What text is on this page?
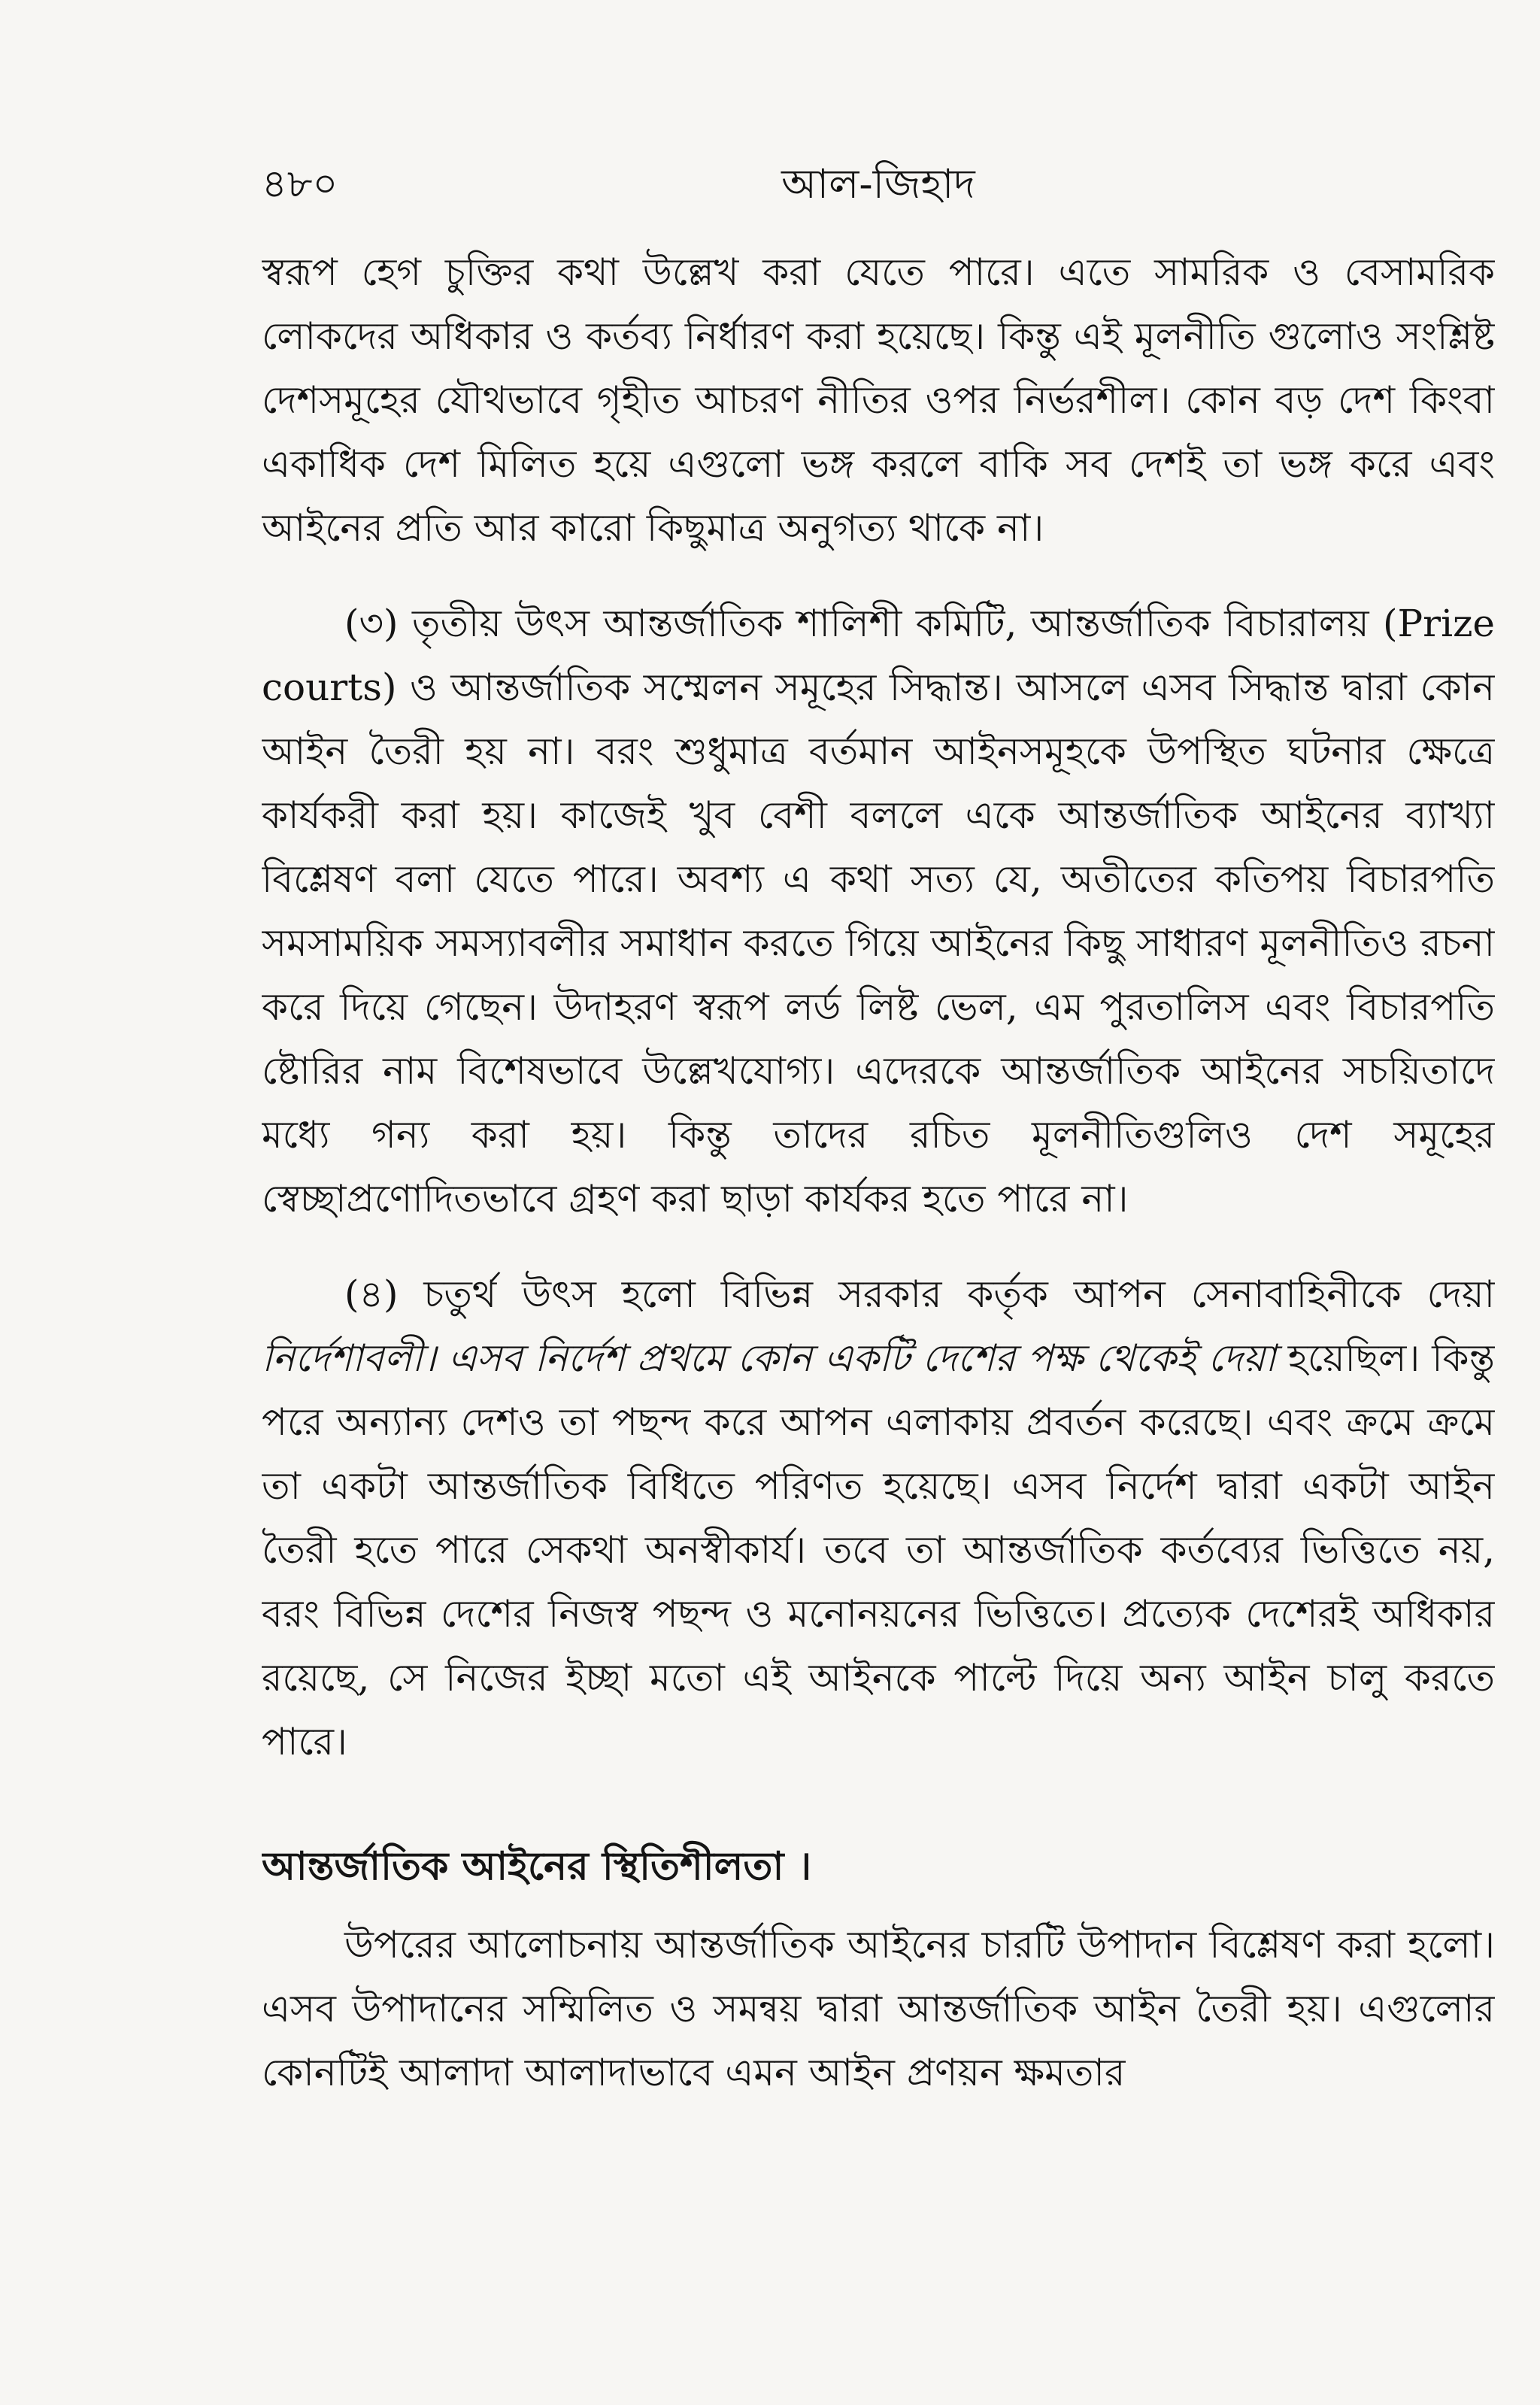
৪৮০	আল-জিহাদ

স্বরূপ হেগ চুক্তির কথা উল্লেখ করা যেতে পারে। এতে সামরিক ও বেসামরিক লোকদের অধিকার ও কর্তব্য নির্ধারণ করা হয়েছে। কিন্তু এই মূলনীতি গুলোও সংশ্লিষ্ট দেশসমূহের যৌথভাবে গৃহীত আচরণ নীতির ওপর নির্ভরশীল। কোন বড় দেশ কিংবা একাধিক দেশ মিলিত হয়ে এগুলো ভঙ্গ করলে বাকি সব দেশই তা ভঙ্গ করে এবং আইনের প্রতি আর কারো কিছুমাত্র অনুগত্য থাকে না।

(৩) তৃতীয় উৎস আন্তর্জাতিক শালিশী কমিটি, আন্তর্জাতিক বিচারালয় (Prize courts) ও আন্তর্জাতিক সম্মেলন সমূহের সিদ্ধান্ত। আসলে এসব সিদ্ধান্ত দ্বারা কোন আইন তৈরী হয় না। বরং শুধুমাত্র বর্তমান আইনসমূহকে উপস্থিত ঘটনার ক্ষেত্রে কার্যকরী করা হয়। কাজেই খুব বেশী বললে একে আন্তর্জাতিক আইনের ব্যাখ্যা বিশ্লেষণ বলা যেতে পারে। অবশ্য এ কথা সত্য যে, অতীতের কতিপয় বিচারপতি সমসাময়িক সমস্যাবলীর সমাধান করতে গিয়ে আইনের কিছু সাধারণ মূলনীতিও রচনা করে দিয়ে গেছেন। উদাহরণ স্বরূপ লর্ড লিষ্ট ভেল, এম পুরতালিস এবং বিচারপতি ষ্টোরির নাম বিশেষভাবে উল্লেখযোগ্য। এদেরকে আন্তর্জাতিক আইনের সচয়িতাদে মধ্যে গন্য করা হয়। কিন্তু তাদের রচিত মূলনীতিগুলিও দেশ সমূহের স্বেচ্ছাপ্রণোদিতভাবে গ্রহণ করা ছাড়া কার্যকর হতে পারে না।

(৪) চতুর্থ উৎস হলো বিভিন্ন সরকার কর্তৃক আপন সেনাবাহিনীকে দেয়া নির্দেশাবলী। এসব নির্দেশ প্রথমে কোন একটি দেশের পক্ষ থেকেই দেয়া হয়েছিল। কিন্তু পরে অন্যান্য দেশও তা পছন্দ করে আপন এলাকায় প্রবর্তন করেছে। এবং ক্রমে ক্রমে তা একটা আন্তর্জাতিক বিধিতে পরিণত হয়েছে। এসব নির্দেশ দ্বারা একটা আইন তৈরী হতে পারে সেকথা অনস্বীকার্য। তবে তা আন্তর্জাতিক কর্তব্যের ভিত্তিতে নয়, বরং বিভিন্ন দেশের নিজস্ব পছন্দ ও মনোনয়নের ভিত্তিতে। প্রত্যেক দেশেরই অধিকার রয়েছে, সে নিজের ইচ্ছা মতো এই আইনকে পাল্টে দিয়ে অন্য আইন চালু করতে পারে।

আন্তর্জাতিক আইনের স্থিতিশীলতা ।

উপরের আলোচনায় আন্তর্জাতিক আইনের চারটি উপাদান বিশ্লেষণ করা হলো। এসব উপাদানের সম্মিলিত ও সমন্বয় দ্বারা আন্তর্জাতিক আইন তৈরী হয়। এগুলোর কোনটিই আলাদা আলাদাভাবে এমন আইন প্রণয়ন ক্ষমতার
